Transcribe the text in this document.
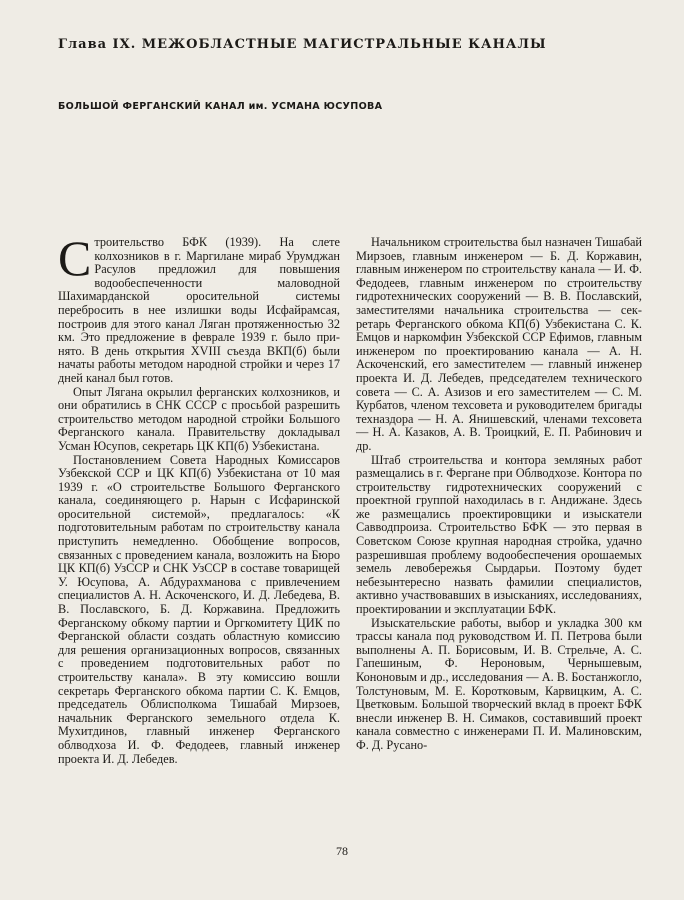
Глава IX. МЕЖОБЛАСТНЫЕ МАГИСТРАЛЬНЫЕ КАНАЛЫ
БОЛЬШОЙ ФЕРГАНСКИЙ КАНАЛ им. УСМАНА ЮСУПОВА

Строительство БФК (1939). На слете колхозников в г. Маргилане мираб Урумджан Расулов предложил для повышения водообеспеченности маловодной Шахимарданской оросительной системы перебросить в нее излишки воды Исфайрамсая, построив для этого канал Ляган протяженностью 32 км. Это предложение в феврале 1939 г. было принято. В день открытия XVIII съезда ВКП(б) были начаты работы методом народной стройки и через 17 дней канал был готов.

Опыт Лягана окрылил ферганских колхозников, и они обратились в СНК СССР с просьбой разрешить строительство методом народной стройки Большого Ферганского канала. Правительству докладывал Усман Юсупов, секретарь ЦК КП(б) Узбекистана.

Постановлением Совета Народных Комиссаров Узбекской ССР и ЦК КП(б) Узбекистана от 10 мая 1939 г. «О строительстве Большого Ферганского канала, соединяющего р. Нарын с Исфаринской оросительной системой», предлагалось: «К подготовительным работам по строительству канала приступить немедленно. Обобщение вопросов, связанных с проведением канала, возложить на Бюро ЦК КП(б) УзССР и СНК УзССР в составе товарищей У. Юсупова, А. Абдурахманова с привлечением специалистов А. Н. Аскоченского, И. Д. Лебедева, В. В. Пославского, Б. Д. Коржавина. Предложить Ферганскому обкому партии и Оргкомитету ЦИК по Ферганской области создать областную комиссию для решения организационных вопросов, связанных с проведением подготовительных работ по строительству канала». В эту комиссию вошли секретарь Ферганского обкома партии С. К. Емцов, председатель Облисполкома Тишабай Мирзоев, начальник Ферганского земельного отдела К. Мухитдинов, главный инженер Ферганского облводхоза И. Ф. Федодеев, главный инженер проекта И. Д. Лебедев.

Начальником строительства был назначен Тишабай Мирзоев, главным инженером — Б. Д. Коржавин, главным инженером по строительству канала — И. Ф. Федодеев, главным инженером по строительству гидротехнических сооружений — В. В. Пославский, заместителями начальника строительства — секретарь Ферганского обкома КП(б) Узбекистана С. К. Емцов и наркомфин Узбекской ССР Ефимов, главным инженером по проектированию канала — А. Н. Аскоченский, его заместителем — главный инженер проекта И. Д. Лебедев, председателем технического совета — С. А. Азизов и его заместителем — С. М. Курбатов, членом техсовета и руководителем бригады техназдора — Н. А. Янишевский, членами техсовета — Н. А. Казаков, А. В. Троицкий, Е. П. Рабинович и др.

Штаб строительства и контора земляных работ размещались в г. Фергане при Облводхозе. Контора по строительству гидротехнических сооружений с проектной группой находилась в г. Андижане. Здесь же размещались проектировщики и изыскатели Савводпроиза. Строительство БФК — это первая в Советском Союзе крупная народная стройка, удачно разрешившая проблему водообеспечения орошаемых земель левобережья Сырдарьи. Поэтому будет небезынтересно назвать фамилии специалистов, активно участвовавших в изысканиях, исследованиях, проектировании и эксплуатации БФК.

Изыскательские работы, выбор и укладка 300 км трассы канала под руководством И. П. Петрова были выполнены А. П. Борисовым, И. В. Стрельче, А. С. Гапешиным, Ф. Нероновым, Чернышевым, Кононовым и др., исследования — А. В. Бостанжогло, Толстуновым, М. Е. Коротковым, Карвицким, А. С. Цветковым. Большой творческий вклад в проект БФК внесли инженер В. Н. Симаков, составивший проект канала совместно с инженерами П. И. Малиновским, Ф. Д. Русано-

78
